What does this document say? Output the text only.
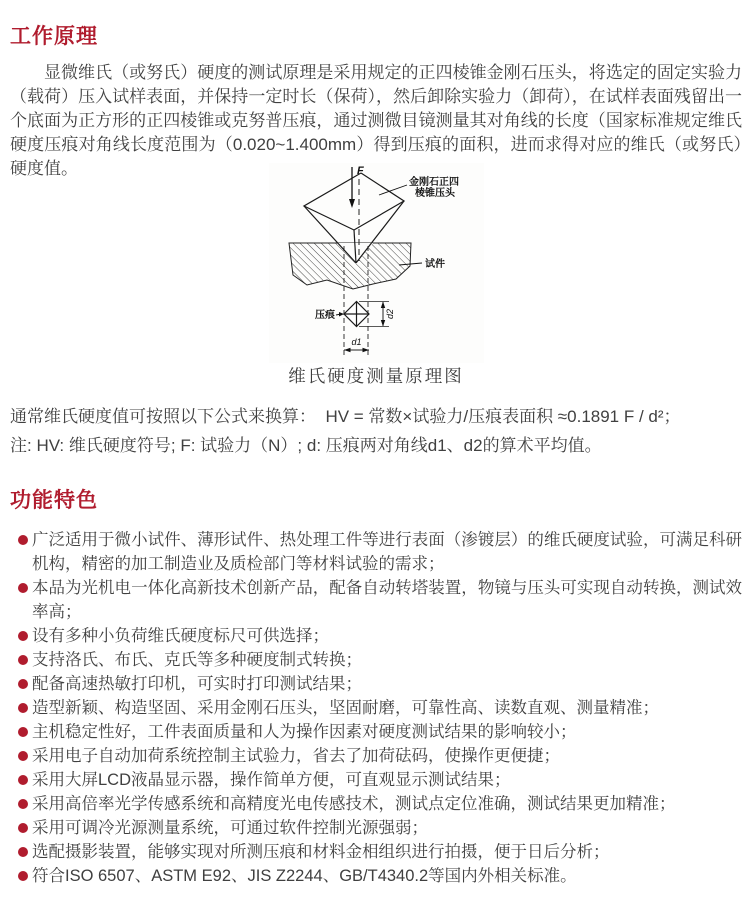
工作原理

显微维氏（或努氏）硬度的测试原理是采用规定的正四棱锥金刚石压头，将选定的固定实验力（载荷）压入试样表面，并保持一定时长（保荷），然后卸除实验力（卸荷），在试样表面残留出一个底面为正方形的正四棱锥或克努普压痕，通过测微目镜测量其对角线的长度（国家标准规定维氏硬度压痕对角线长度范围为（0.020~1.400mm）得到压痕的面积，进而求得对应的维氏（或努氏）硬度值。	F
金刚石正四
棱锥压头
试件
压痕	d2
d1
维氏硬度测量原理图

通常维氏硬度值可按照以下公式来换算：  HV = 常数×试验力/压痕表面积 ≈0.1891 F / d²；

注: HV: 维氏硬度符号; F: 试验力（N）; d: 压痕两对角线d1、d2的算术平均值。

功能特色
广泛适用于微小试件、薄形试件、热处理工件等进行表面（渗镀层）的维氏硬度试验，可满足科研机构，精密的加工制造业及质检部门等材料试验的需求；
本品为光机电一体化高新技术创新产品，配备自动转塔装置，物镜与压头可实现自动转换，测试效率高；
设有多种小负荷维氏硬度标尺可供选择；
支持洛氏、布氏、克氏等多种硬度制式转换；
配备高速热敏打印机，可实时打印测试结果；
造型新颖、构造坚固、采用金刚石压头，坚固耐磨，可靠性高、读数直观、测量精准；
主机稳定性好，工件表面质量和人为操作因素对硬度测试结果的影响较小；
采用电子自动加荷系统控制主试验力，省去了加荷砝码，使操作更便捷；
采用大屏LCD液晶显示器，操作简单方便，可直观显示测试结果；
采用高倍率光学传感系统和高精度光电传感技术，测试点定位准确，测试结果更加精准；
采用可调冷光源测量系统，可通过软件控制光源强弱；
选配摄影装置，能够实现对所测压痕和材料金相组织进行拍摄，便于日后分析；
符合ISO 6507、ASTM E92、JIS Z2244、GB/T4340.2等国内外相关标准。
